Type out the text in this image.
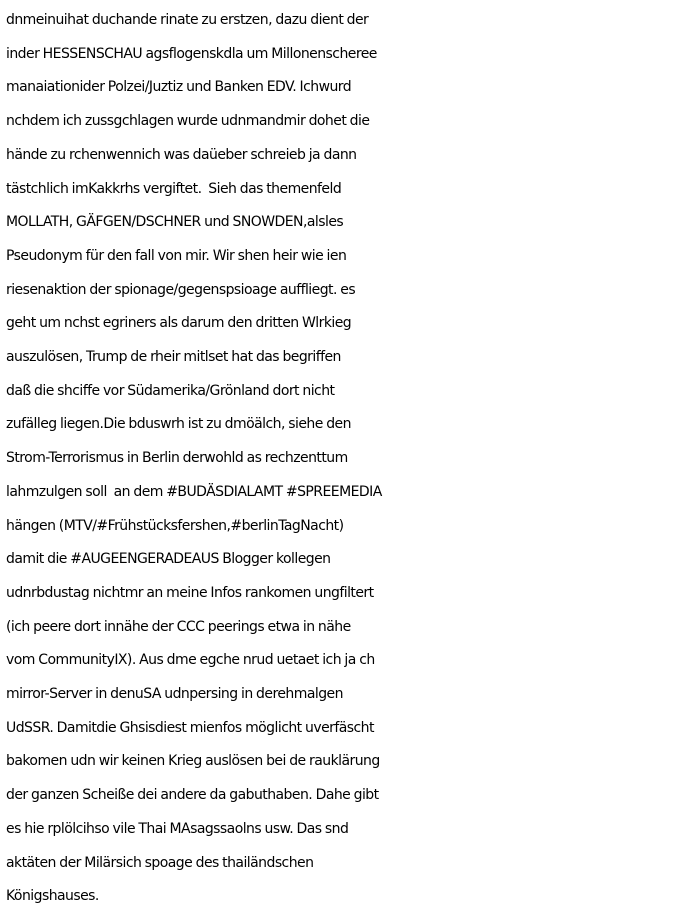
dnmeinuihat duchande rinate zu erstzen, dazu dient der
inder HESSENSCHAU agsflogenskdla um Millonenscheree
manaiationider Polzei/Juztiz und Banken EDV. Ichwurd
nchdem ich zussgchlagen wurde udnmandmir dohet die
hände zu rchenwennich was daüeber schreieb ja dann
tästchlich imKakkrhs vergiftet.  Sieh das themenfeld
MOLLATH, GÄFGEN/DSCHNER und SNOWDEN,alsles
Pseudonym für den fall von mir. Wir shen heir wie ien
riesenaktion der spionage/gegenspsioage auffliegt. es
geht um nchst egriners als darum den dritten Wlrkieg
auszulösen, Trump de rheir mitlset hat das begriffen
daß die shciffe vor Südamerika/Grönland dort nicht
zufälleg liegen.Die bduswrh ist zu dmöälch, siehe den
Strom-Terrorismus in Berlin derwohld as rechzenttum
lahmzulgen soll  an dem #BUDÄSDIALAMT #SPREEMEDIA
hängen (MTV/#Frühstücksfershen,#berlinTagNacht)
damit die #AUGEENGERADEAUS Blogger kollegen
udnrbdustag nichtmr an meine Infos rankomen ungfiltert
(ich peere dort innähe der CCC peerings etwa in nähe
vom CommunityIX). Aus dme egche nrud uetaet ich ja ch
mirror-Server in denuSA udnpersing in derehmalgen
UdSSR. Damitdie Ghsisdiest mienfos möglicht uverfäscht
bakomen udn wir keinen Krieg auslösen bei de rauklärung
der ganzen Scheiße dei andere da gabuthaben. Dahe gibt
es hie rplölcihso vile Thai MAsagssaolns usw. Das snd
aktäten der Milärsich spoage des thailändschen
Königshauses.
